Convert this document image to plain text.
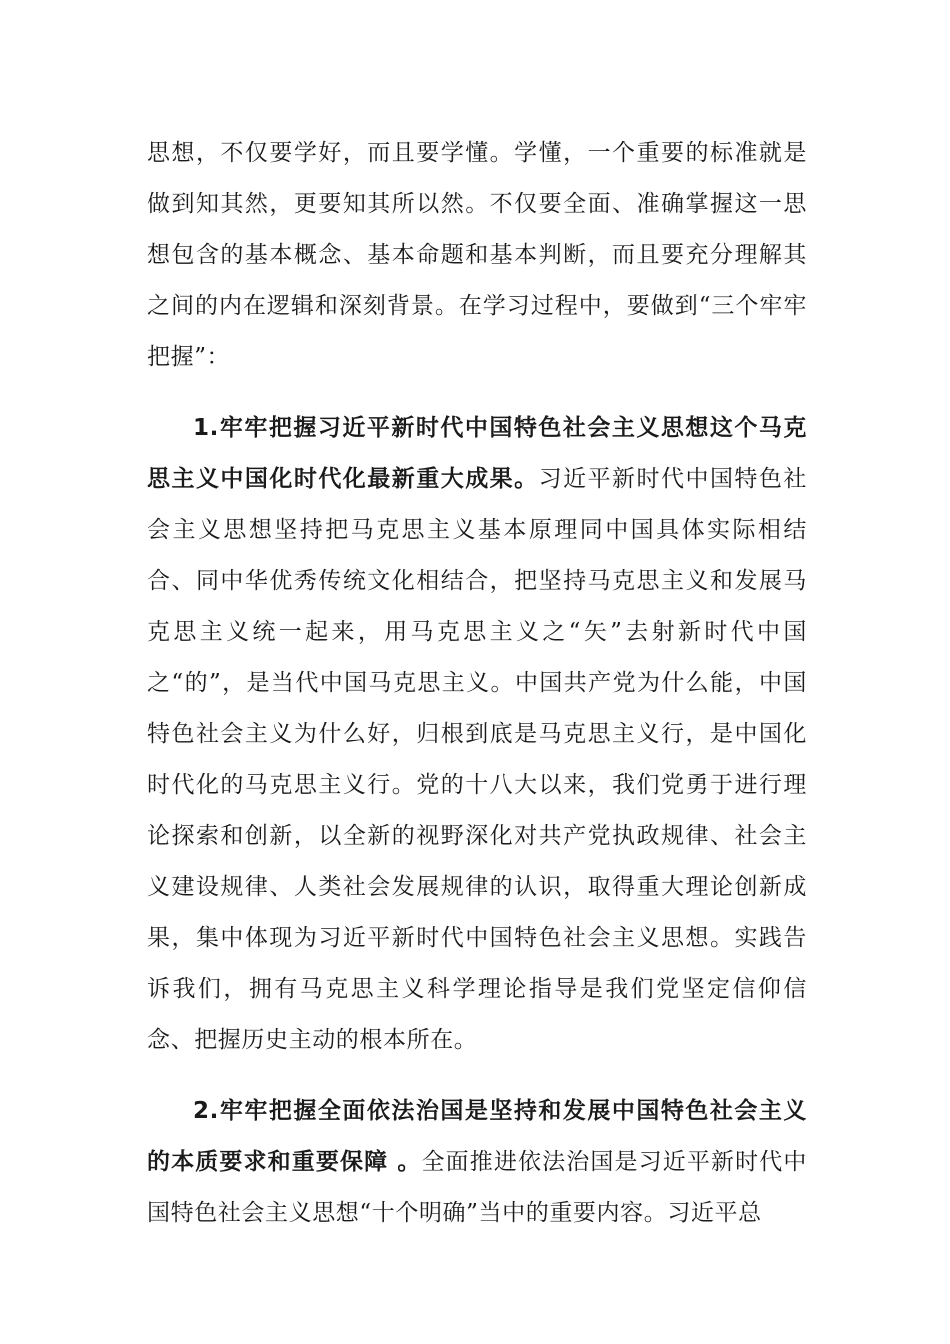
思想，不仅要学好，而且要学懂。学懂，一个重要的标准就是做到知其然，更要知其所以然。不仅要全面、准确掌握这一思想包含的基本概念、基本命题和基本判断，而且要充分理解其之间的内在逻辑和深刻背景。在学习过程中，要做到“三个牢牢把握”：

1.牢牢把握习近平新时代中国特色社会主义思想这个马克思主义中国化时代化最新重大成果。习近平新时代中国特色社会主义思想坚持把马克思主义基本原理同中国具体实际相结合、同中华优秀传统文化相结合，把坚持马克思主义和发展马克思主义统一起来，用马克思主义之“矢”去射新时代中国之“的”，是当代中国马克思主义。中国共产党为什么能，中国特色社会主义为什么好，归根到底是马克思主义行，是中国化时代化的马克思主义行。党的十八大以来，我们党勇于进行理论探索和创新，以全新的视野深化对共产党执政规律、社会主义建设规律、人类社会发展规律的认识，取得重大理论创新成果，集中体现为习近平新时代中国特色社会主义思想。实践告诉我们，拥有马克思主义科学理论指导是我们党坚定信仰信念、把握历史主动的根本所在。

2.牢牢把握全面依法治国是坚持和发展中国特色社会主义的本质要求和重要保障 。全面推进依法治国是习近平新时代中国特色社会主义思想“十个明确”当中的重要内容。习近平总
